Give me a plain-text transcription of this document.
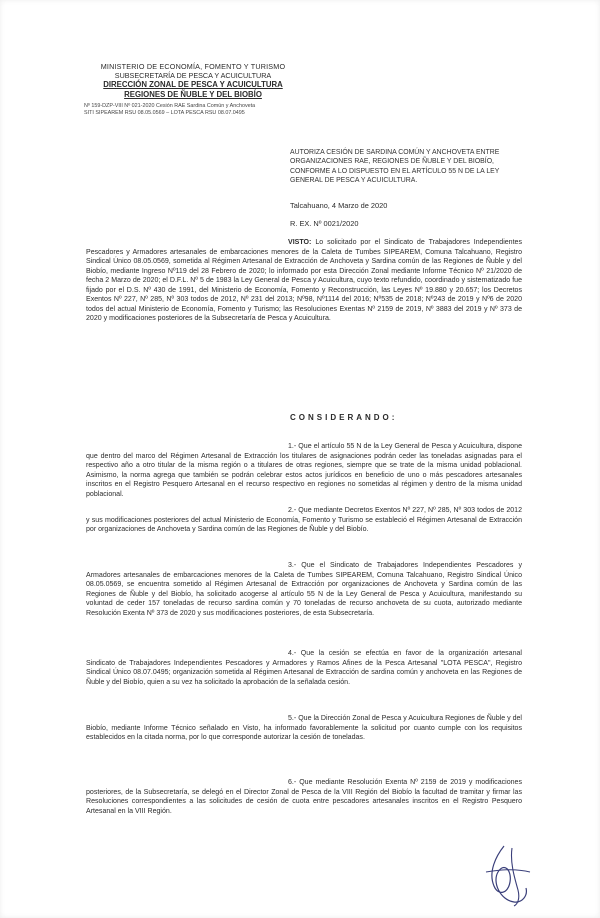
MINISTERIO DE ECONOMÍA, FOMENTO Y TURISMO
SUBSECRETARÍA DE PESCA Y ACUICULTURA
DIRECCIÓN ZONAL DE PESCA Y ACUICULTURA
REGIONES DE ÑUBLE Y DEL BIOBÍO
Nº 159-DZP-VIII Nº 021-2020 Cesión RAE Sardina Común y Anchoveta
SITI SIPEAREM RSU 08.05.0569 – LOTA PESCA RSU 08.07.0495
AUTORIZA CESIÓN DE SARDINA COMÚN Y ANCHOVETA ENTRE ORGANIZACIONES RAE, REGIONES DE ÑUBLE Y DEL BIOBÍO, CONFORME A LO DISPUESTO EN EL ARTÍCULO 55 N DE LA LEY GENERAL DE PESCA Y ACUICULTURA.
Talcahuano, 4 Marzo de 2020
R. EX. Nº 0021/2020
VISTO: Lo solicitado por el Sindicato de Trabajadores Independientes Pescadores y Armadores artesanales de embarcaciones menores de la Caleta de Tumbes SIPEAREM, Comuna Talcahuano, Registro Sindical Único 08.05.0569, sometida al Régimen Artesanal de Extracción de Anchoveta y Sardina común de las Regiones de Ñuble y del Biobío, mediante Ingreso Nº119 del 28 Febrero de 2020; lo informado por esta Dirección Zonal mediante Informe Técnico Nº 21/2020 de fecha 2 Marzo de 2020; el D.F.L. Nº 5 de 1983 la Ley General de Pesca y Acuicultura, cuyo texto refundido, coordinado y sistematizado fue fijado por el D.S. Nº 430 de 1991, del Ministerio de Economía, Fomento y Reconstrucción, las Leyes Nº 19.880 y 20.657; los Decretos Exentos Nº 227, Nº 285, Nº 303 todos de 2012, Nº 231 del 2013; Nº98, Nº1114 del 2016; Nº535 de 2018; Nº243 de 2019 y Nº6 de 2020 todos del actual Ministerio de Economía, Fomento y Turismo; las Resoluciones Exentas Nº 2159 de 2019, Nº 3883 del 2019 y Nº 373 de 2020 y modificaciones posteriores de la Subsecretaría de Pesca y Acuicultura.
CONSIDERANDO:
1.- Que el artículo 55 N de la Ley General de Pesca y Acuicultura, dispone que dentro del marco del Régimen Artesanal de Extracción los titulares de asignaciones podrán ceder las toneladas asignadas para el respectivo año a otro titular de la misma región o a titulares de otras regiones, siempre que se trate de la misma unidad poblacional. Asimismo, la norma agrega que también se podrán celebrar estos actos jurídicos en beneficio de uno o más pescadores artesanales inscritos en el Registro Pesquero Artesanal en el recurso respectivo en regiones no sometidas al régimen y dentro de la misma unidad poblacional.
2.- Que mediante Decretos Exentos Nº 227, Nº 285, Nº 303 todos de 2012 y sus modificaciones posteriores del actual Ministerio de Economía, Fomento y Turismo se estableció el Régimen Artesanal de Extracción por organizaciones de Anchoveta y Sardina común de las Regiones de Ñuble y del Biobío.
3.- Que el Sindicato de Trabajadores Independientes Pescadores y Armadores artesanales de embarcaciones menores de la Caleta de Tumbes SIPEAREM, Comuna Talcahuano, Registro Sindical Único 08.05.0569, se encuentra sometido al Régimen Artesanal de Extracción por organizaciones de Anchoveta y Sardina común de las Regiones de Ñuble y del Biobío, ha solicitado acogerse al artículo 55 N de la Ley General de Pesca y Acuicultura, manifestando su voluntad de ceder 157 toneladas de recurso sardina común y 70 toneladas de recurso anchoveta de su cuota, autorizado mediante Resolución Exenta Nº 373 de 2020 y sus modificaciones posteriores, de esta Subsecretaría.
4.- Que la cesión se efectúa en favor de la organización artesanal Sindicato de Trabajadores Independientes Pescadores y Armadores y Ramos Afines de la Pesca Artesanal "LOTA PESCA", Registro Sindical Único 08.07.0495; organización sometida al Régimen Artesanal de Extracción de sardina común y anchoveta en las Regiones de Ñuble y del Biobío, quien a su vez ha solicitado la aprobación de la señalada cesión.
5.- Que la Dirección Zonal de Pesca y Acuicultura Regiones de Ñuble y del Biobío, mediante Informe Técnico señalado en Visto, ha informado favorablemente la solicitud por cuanto cumple con los requisitos establecidos en la citada norma, por lo que corresponde autorizar la cesión de toneladas.
6.- Que mediante Resolución Exenta Nº 2159 de 2019 y modificaciones posteriores, de la Subsecretaría, se delegó en el Director Zonal de Pesca de la VIII Región del Biobío la facultad de tramitar y firmar las Resoluciones correspondientes a las solicitudes de cesión de cuota entre pescadores artesanales inscritos en el Registro Pesquero Artesanal en la VIII Región.
